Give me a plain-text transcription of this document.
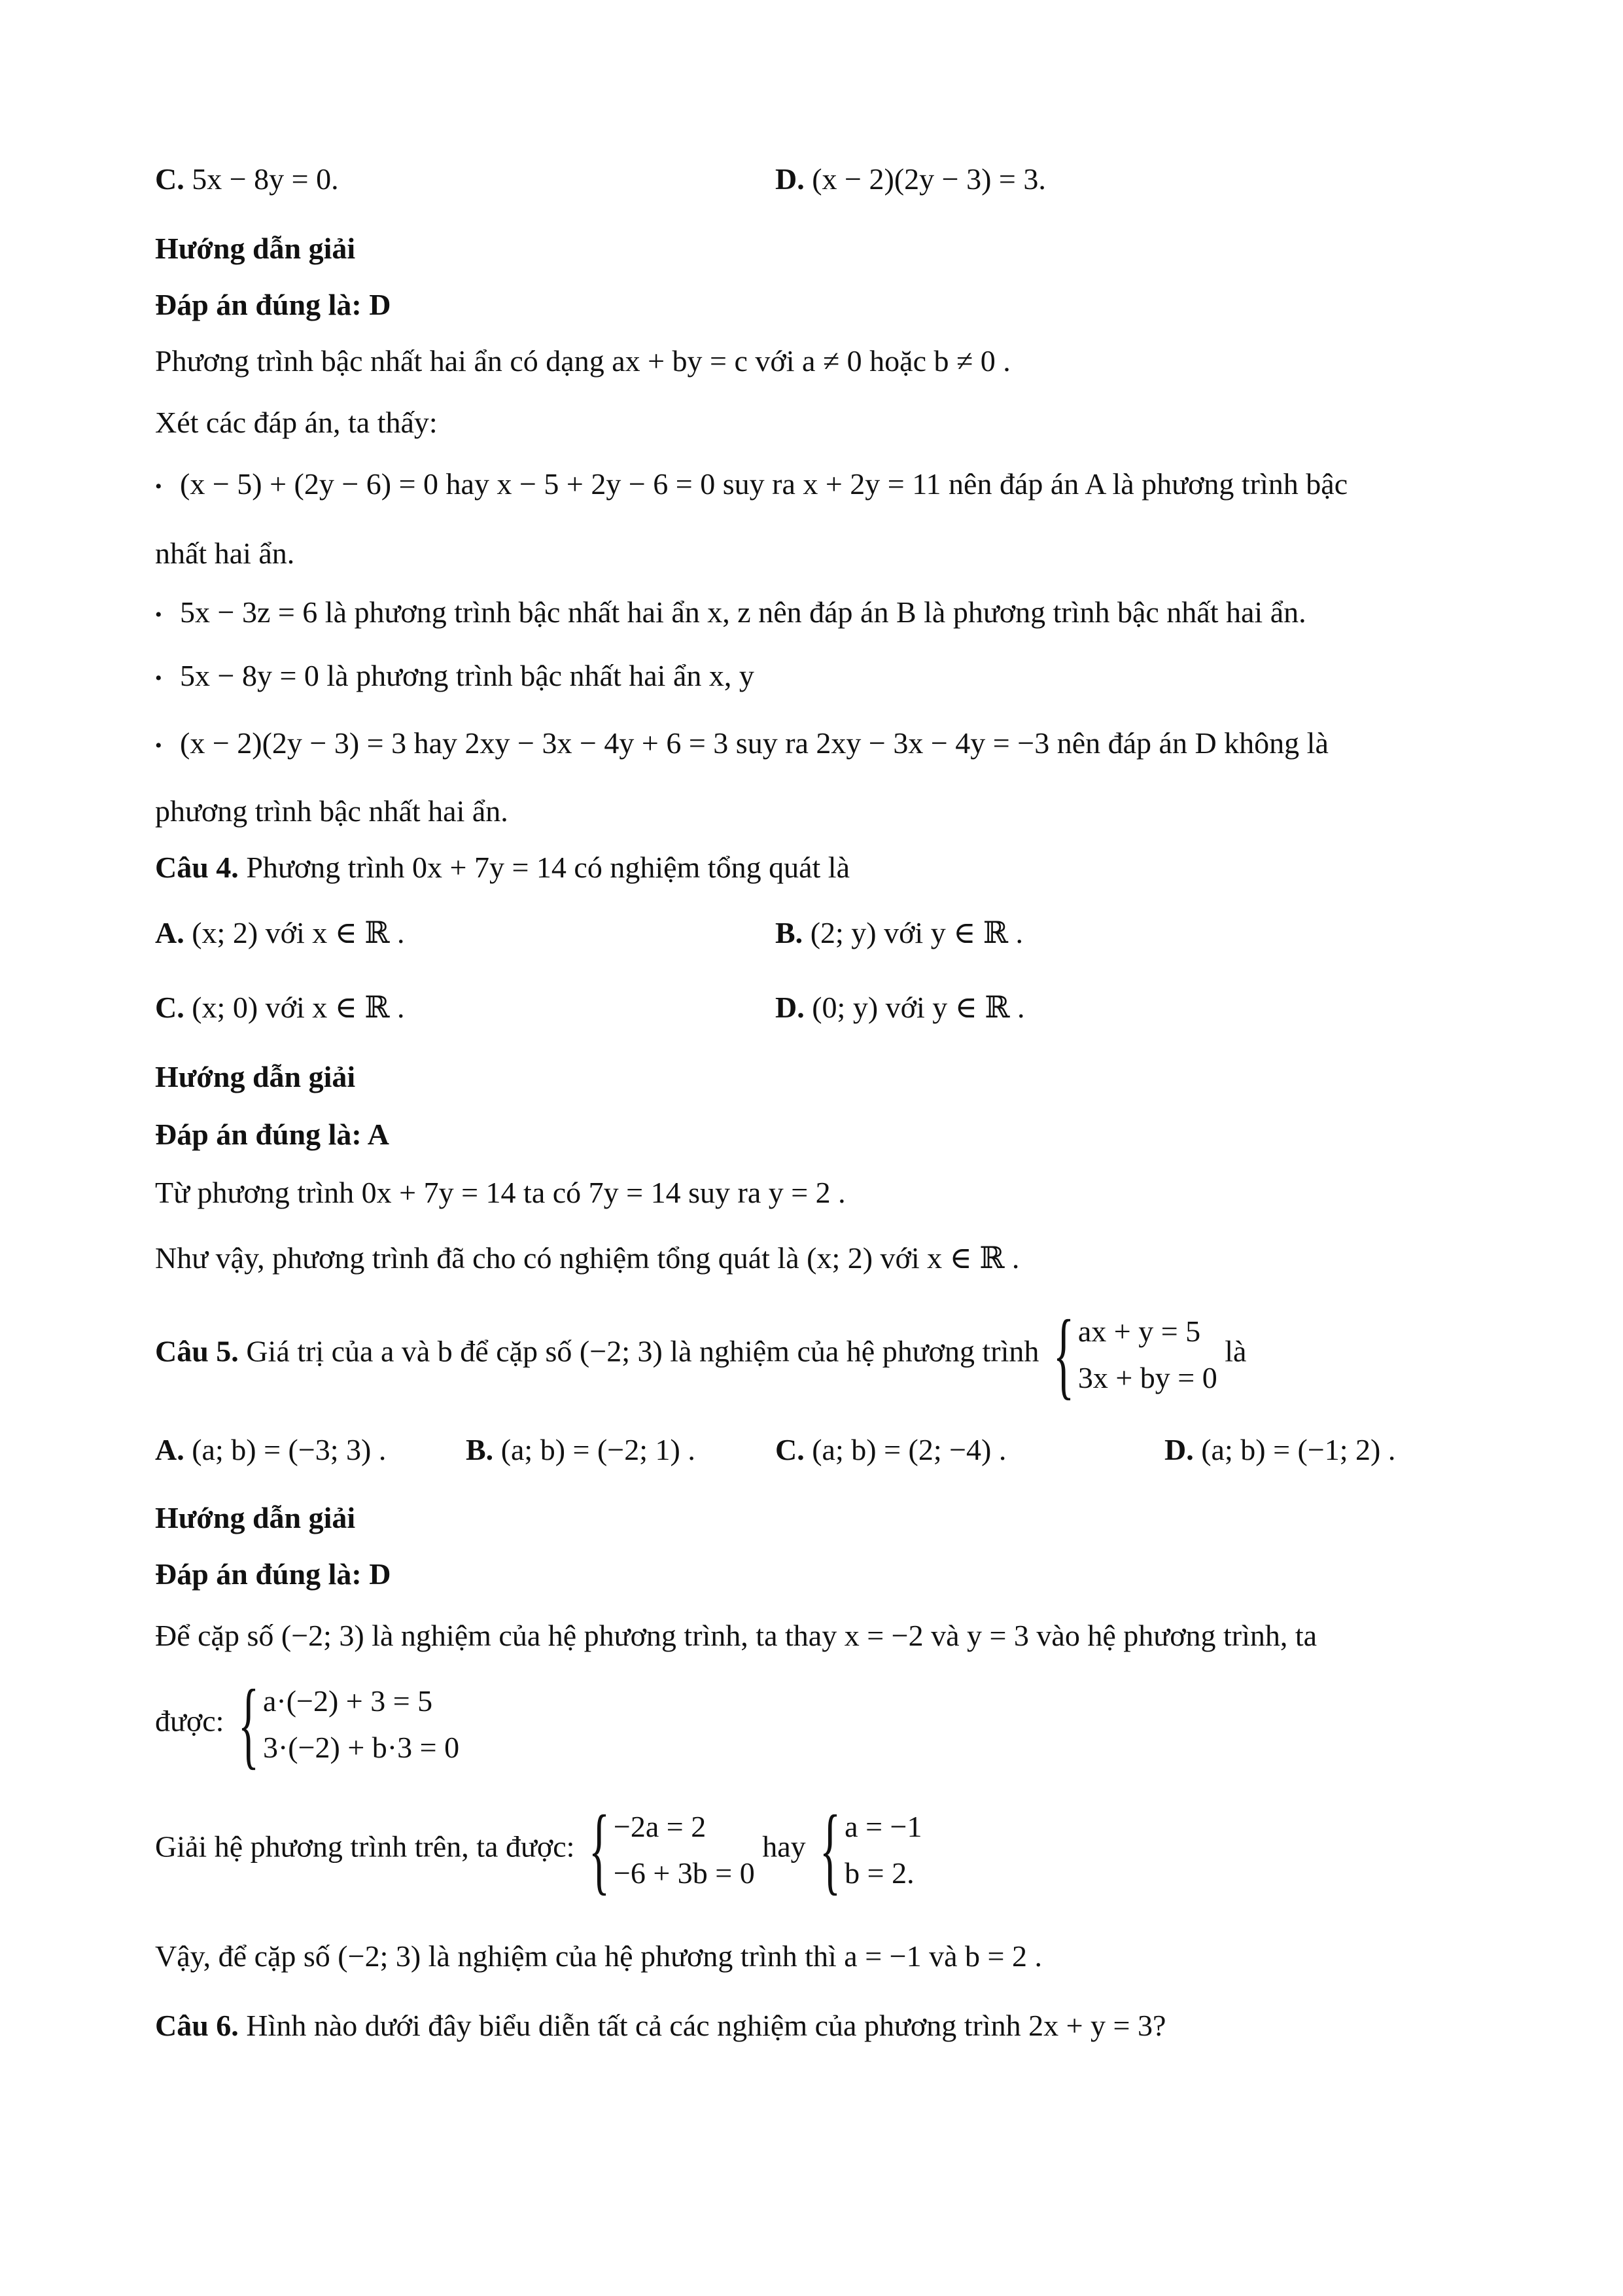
C. 5x − 8y = 0.	D. (x − 2)(2y − 3) = 3.
Hướng dẫn giải
Đáp án đúng là: D
Phương trình bậc nhất hai ẩn có dạng ax + by = c với a ≠ 0 hoặc b ≠ 0 .
Xét các đáp án, ta thấy:
• (x − 5) + (2y − 6) = 0 hay x − 5 + 2y − 6 = 0 suy ra x + 2y = 11 nên đáp án A là phương trình bậc
nhất hai ẩn.
• 5x − 3z = 6 là phương trình bậc nhất hai ẩn x, z nên đáp án B là phương trình bậc nhất hai ẩn.
• 5x − 8y = 0 là phương trình bậc nhất hai ẩn x, y
• (x − 2)(2y − 3) = 3 hay 2xy − 3x − 4y + 6 = 3 suy ra 2xy − 3x − 4y = −3 nên đáp án D không là
phương trình bậc nhất hai ẩn.
Câu 4. Phương trình 0x + 7y = 14 có nghiệm tổng quát là
A. (x; 2) với x ∈ ℝ .	B. (2; y) với y ∈ ℝ .
C. (x; 0) với x ∈ ℝ .	D. (0; y) với y ∈ ℝ .
Hướng dẫn giải
Đáp án đúng là: A
Từ phương trình 0x + 7y = 14 ta có 7y = 14 suy ra y = 2 .
Như vậy, phương trình đã cho có nghiệm tổng quát là (x; 2) với x ∈ ℝ .
Câu 5. Giá trị của a và b để cặp số (−2; 3) là nghiệm của hệ phương trình { ax + y = 5
3x + by = 0
là
A. (a; b) = (−3; 3) .	B. (a; b) = (−2; 1) .	C. (a; b) = (2; −4) .	D. (a; b) = (−1; 2) .
Hướng dẫn giải
Đáp án đúng là: D
Để cặp số (−2; 3) là nghiệm của hệ phương trình, ta thay x = −2 và y = 3 vào hệ phương trình, ta
được: { a·(−2) + 3 = 5
3·(−2) + b·3 = 0
Giải hệ phương trình trên, ta được: { −2a = 2
−6 + 3b = 0
hay { a = −1
b = 2.
Vậy, để cặp số (−2; 3) là nghiệm của hệ phương trình thì a = −1 và b = 2 .
Câu 6. Hình nào dưới đây biểu diễn tất cả các nghiệm của phương trình 2x + y = 3?
